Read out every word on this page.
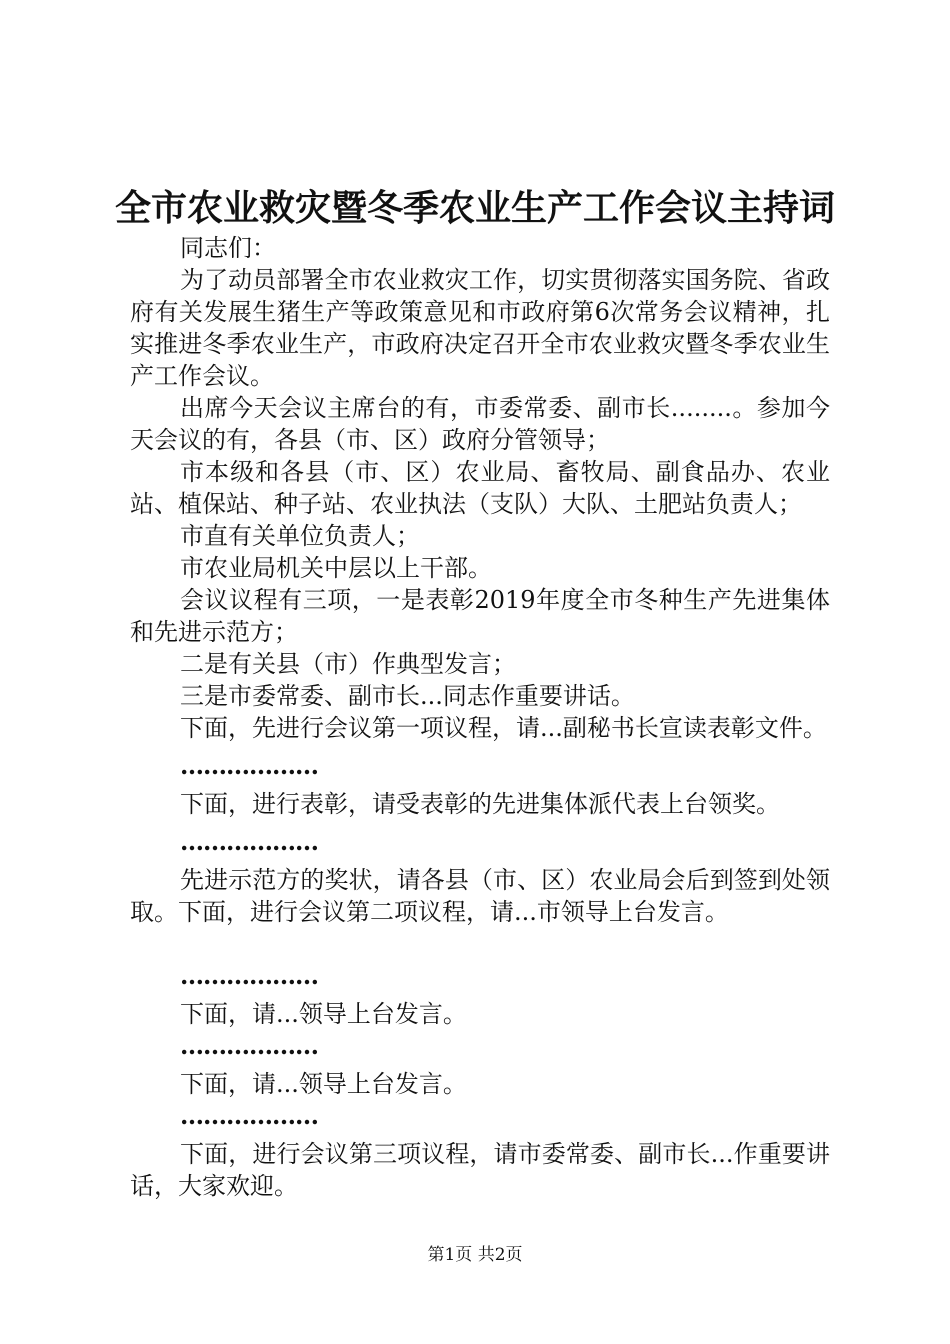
全市农业救灾暨冬季农业生产工作会议主持词

同志们：

为了动员部署全市农业救灾工作，切实贯彻落实国务院、省政府有关发展生猪生产等政策意见和市政府第6次常务会议精神，扎实推进冬季农业生产，市政府决定召开全市农业救灾暨冬季农业生产工作会议。

出席今天会议主席台的有，市委常委、副市长........。参加今天会议的有，各县（市、区）政府分管领导；

市本级和各县（市、区）农业局、畜牧局、副食品办、农业站、植保站、种子站、农业执法（支队）大队、土肥站负责人；

市直有关单位负责人；

市农业局机关中层以上干部。

会议议程有三项，一是表彰2019年度全市冬种生产先进集体和先进示范方；

二是有关县（市）作典型发言；

三是市委常委、副市长...同志作重要讲话。

下面，先进行会议第一项议程，请...副秘书长宣读表彰文件。

………………

下面，进行表彰，请受表彰的先进集体派代表上台领奖。

………………

先进示范方的奖状，请各县（市、区）农业局会后到签到处领取。下面，进行会议第二项议程，请...市领导上台发言。

………………

下面，请...领导上台发言。

………………

下面，请...领导上台发言。

………………

下面，进行会议第三项议程，请市委常委、副市长...作重要讲话，大家欢迎。

第1页 共2页
